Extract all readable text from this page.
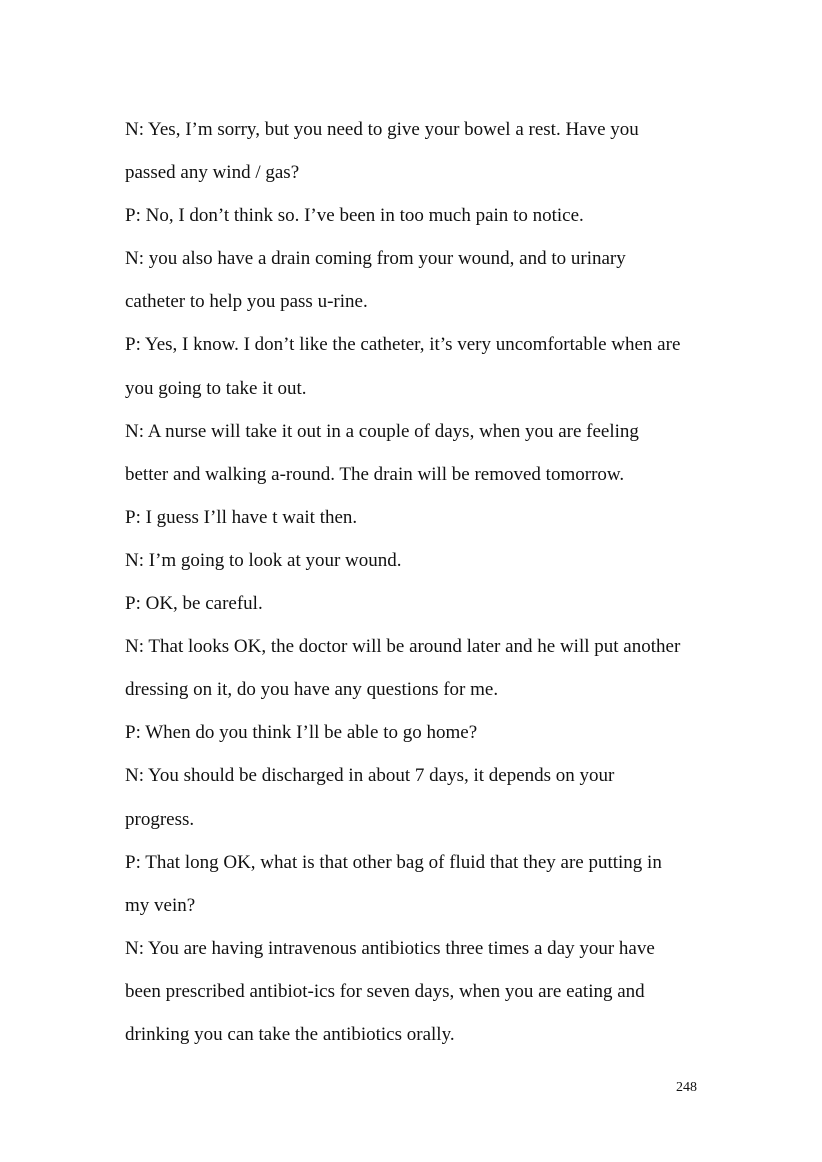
N: Yes, I’m sorry, but you need to give your bowel a rest. Have you
passed any wind / gas?
P: No, I don’t think so. I’ve been in too much pain to notice.
N: you also have a drain coming from your wound, and to urinary
catheter to help you pass u-rine.
P: Yes, I know. I don’t like the catheter, it’s very uncomfortable when are
you going to take it out.
N: A nurse will take it out in a couple of days, when you are feeling
better and walking a-round. The drain will be removed tomorrow.
P: I guess I’ll have t wait then.
N: I’m going to look at your wound.
P: OK, be careful.
N: That looks OK, the doctor will be around later and he will put another
dressing on it, do you have any questions for me.
P: When do you think I’ll be able to go home?
N: You should be discharged in about 7 days, it depends on your
progress.
P: That long OK, what is that other bag of fluid that they are putting in
my vein?
N: You are having intravenous antibiotics three times a day your have
been prescribed antibiot-ics for seven days, when you are eating and
drinking you can take the antibiotics orally.
248
